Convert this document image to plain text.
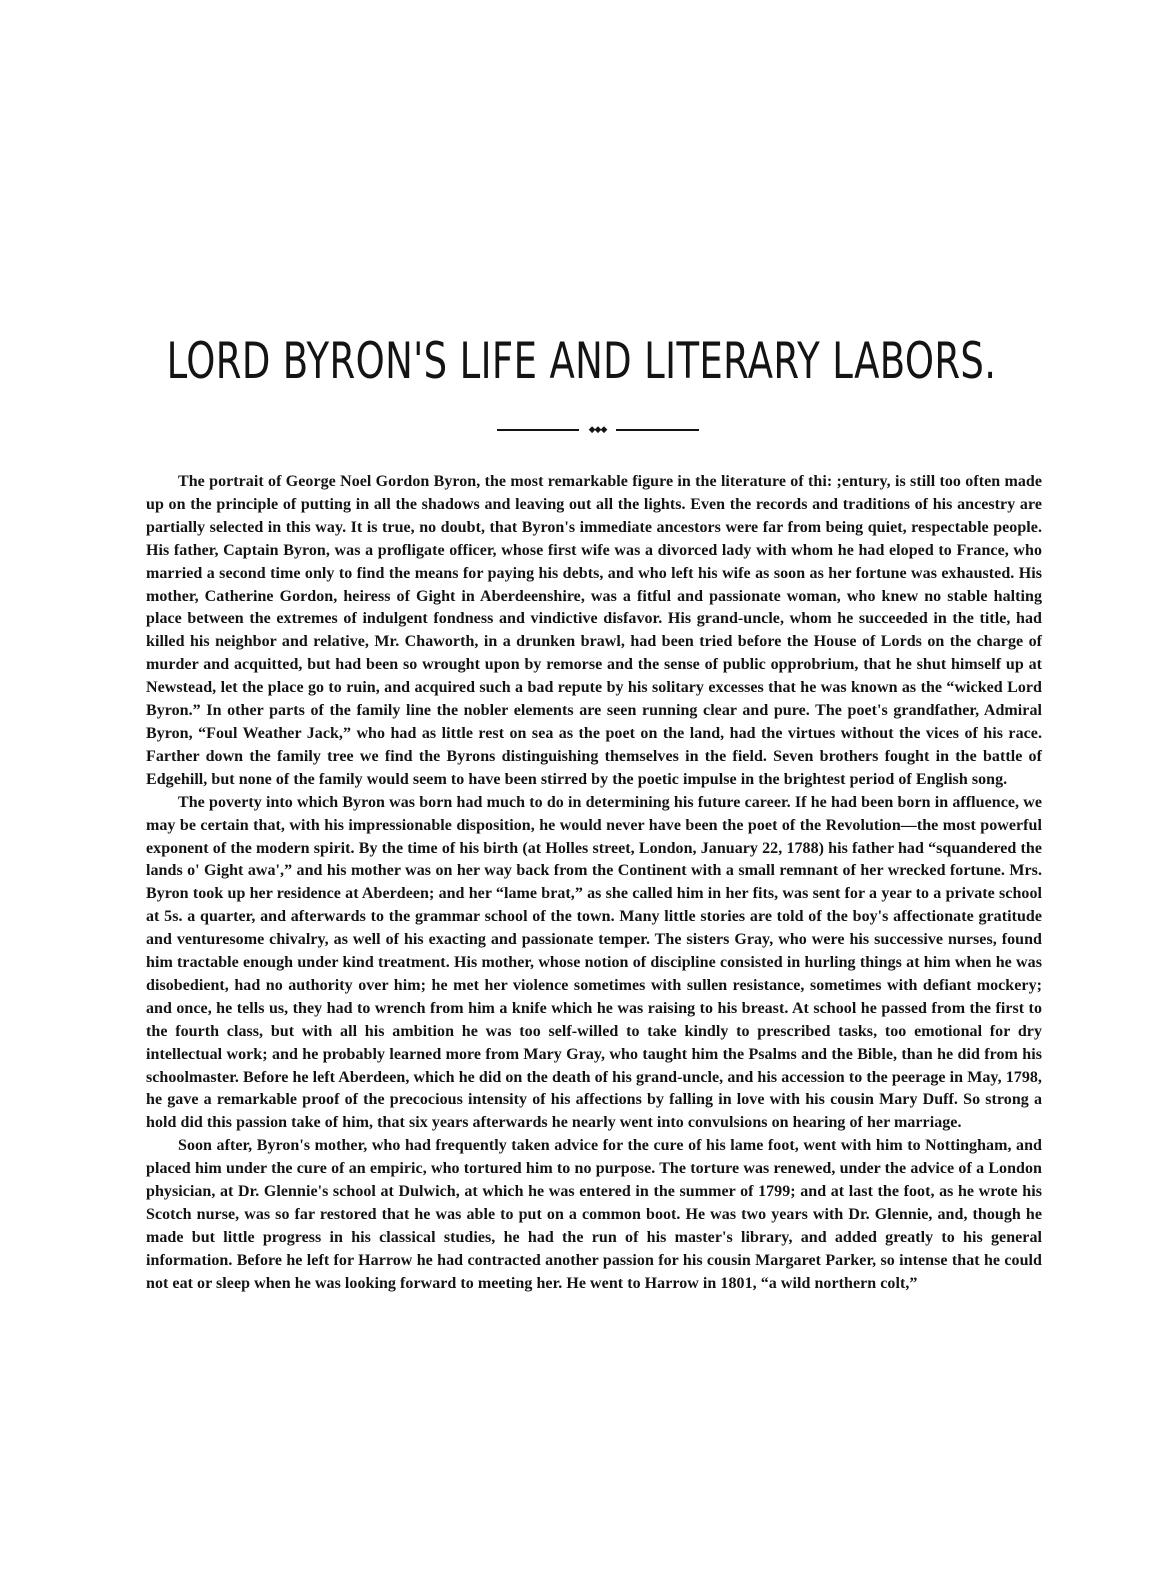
LORD BYRON'S LIFE AND LITERARY LABORS.
◆◆◆

The portrait of George Noel Gordon Byron, the most remarkable figure in the literature of thi: ;entury, is still too often made up on the principle of putting in all the shadows and leaving out all the lights. Even the records and traditions of his ancestry are partially selected in this way. It is true, no doubt, that Byron's immediate ancestors were far from being quiet, respectable people. His father, Captain Byron, was a profligate officer, whose first wife was a divorced lady with whom he had eloped to France, who married a second time only to find the means for paying his debts, and who left his wife as soon as her fortune was exhausted. His mother, Catherine Gordon, heiress of Gight in Aberdeenshire, was a fitful and passionate woman, who knew no stable halting place between the extremes of indulgent fondness and vindictive disfavor. His grand-uncle, whom he succeeded in the title, had killed his neighbor and relative, Mr. Chaworth, in a drunken brawl, had been tried before the House of Lords on the charge of murder and acquitted, but had been so wrought upon by remorse and the sense of public opprobrium, that he shut himself up at Newstead, let the place go to ruin, and acquired such a bad repute by his solitary excesses that he was known as the “wicked Lord Byron.” In other parts of the family line the nobler elements are seen running clear and pure. The poet's grandfather, Admiral Byron, “Foul Weather Jack,” who had as little rest on sea as the poet on the land, had the virtues without the vices of his race. Farther down the family tree we find the Byrons distinguishing themselves in the field. Seven brothers fought in the battle of Edgehill, but none of the family would seem to have been stirred by the poetic impulse in the brightest period of English song.

The poverty into which Byron was born had much to do in determining his future career. If he had been born in affluence, we may be certain that, with his impressionable disposition, he would never have been the poet of the Revolution—the most powerful exponent of the modern spirit. By the time of his birth (at Holles street, London, January 22, 1788) his father had “squandered the lands o' Gight awa',” and his mother was on her way back from the Continent with a small remnant of her wrecked fortune. Mrs. Byron took up her residence at Aberdeen; and her “lame brat,” as she called him in her fits, was sent for a year to a private school at 5s. a quarter, and afterwards to the grammar school of the town. Many little stories are told of the boy's affectionate gratitude and venturesome chivalry, as well of his exacting and passionate temper. The sisters Gray, who were his successive nurses, found him tractable enough under kind treatment. His mother, whose notion of discipline consisted in hurling things at him when he was disobedient, had no authority over him; he met her violence sometimes with sullen resistance, sometimes with defiant mockery; and once, he tells us, they had to wrench from him a knife which he was raising to his breast. At school he passed from the first to the fourth class, but with all his ambition he was too self-willed to take kindly to prescribed tasks, too emotional for dry intellectual work; and he probably learned more from Mary Gray, who taught him the Psalms and the Bible, than he did from his schoolmaster. Before he left Aberdeen, which he did on the death of his grand-uncle, and his accession to the peerage in May, 1798, he gave a remarkable proof of the precocious intensity of his affections by falling in love with his cousin Mary Duff. So strong a hold did this passion take of him, that six years afterwards he nearly went into convulsions on hearing of her marriage.

Soon after, Byron's mother, who had frequently taken advice for the cure of his lame foot, went with him to Nottingham, and placed him under the cure of an empiric, who tortured him to no purpose. The torture was renewed, under the advice of a London physician, at Dr. Glennie's school at Dulwich, at which he was entered in the summer of 1799; and at last the foot, as he wrote his Scotch nurse, was so far restored that he was able to put on a common boot. He was two years with Dr. Glennie, and, though he made but little progress in his classical studies, he had the run of his master's library, and added greatly to his general information. Before he left for Harrow he had contracted another passion for his cousin Margaret Parker, so intense that he could not eat or sleep when he was looking forward to meeting her. He went to Harrow in 1801, “a wild northern colt,”
